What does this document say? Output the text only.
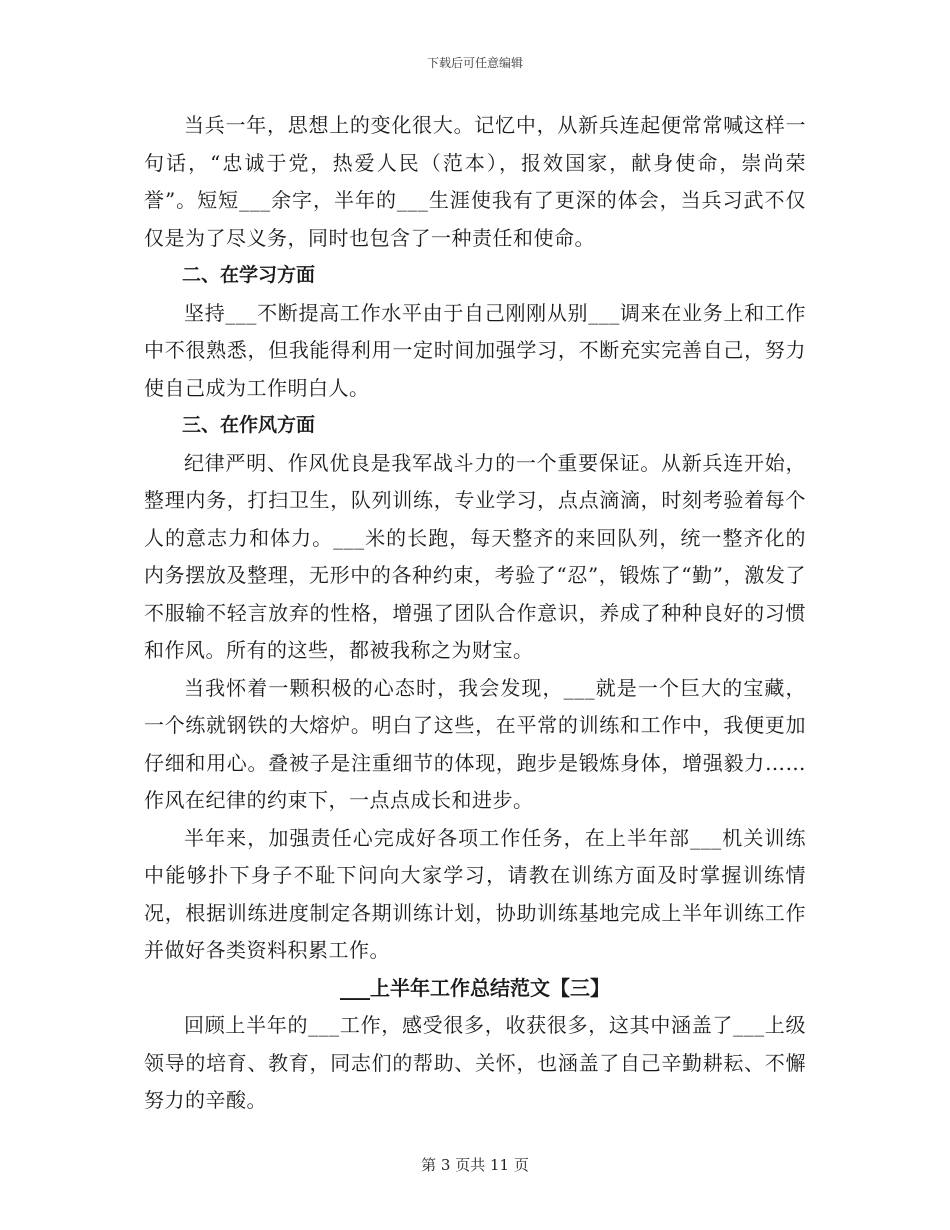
下载后可任意编辑

当兵一年，思想上的变化很大。记忆中，从新兵连起便常常喊这样一句话，“忠诚于党，热爱人民（范本），报效国家，献身使命，崇尚荣誉”。短短___余字，半年的___生涯使我有了更深的体会，当兵习武不仅仅是为了尽义务，同时也包含了一种责任和使命。

二、在学习方面

坚持___不断提高工作水平由于自己刚刚从别___调来在业务上和工作中不很熟悉，但我能得利用一定时间加强学习，不断充实完善自己，努力使自己成为工作明白人。

三、在作风方面

纪律严明、作风优良是我军战斗力的一个重要保证。从新兵连开始，整理内务，打扫卫生，队列训练，专业学习，点点滴滴，时刻考验着每个人的意志力和体力。___米的长跑，每天整齐的来回队列，统一整齐化的内务摆放及整理，无形中的各种约束，考验了“忍”，锻炼了“勤”，激发了不服输不轻言放弃的性格，增强了团队合作意识，养成了种种良好的习惯和作风。所有的这些，都被我称之为财宝。

当我怀着一颗积极的心态时，我会发现，___就是一个巨大的宝藏，一个练就钢铁的大熔炉。明白了这些，在平常的训练和工作中，我便更加仔细和用心。叠被子是注重细节的体现，跑步是锻炼身体，增强毅力……作风在纪律的约束下，一点点成长和进步。

半年来，加强责任心完成好各项工作任务，在上半年部___机关训练中能够扑下身子不耻下问向大家学习，请教在训练方面及时掌握训练情况，根据训练进度制定各期训练计划，协助训练基地完成上半年训练工作并做好各类资料积累工作。

___上半年工作总结范文【三】

回顾上半年的___工作，感受很多，收获很多，这其中涵盖了___上级领导的培育、教育，同志们的帮助、关怀，也涵盖了自己辛勤耕耘、不懈努力的辛酸。

第 3 页共 11 页
